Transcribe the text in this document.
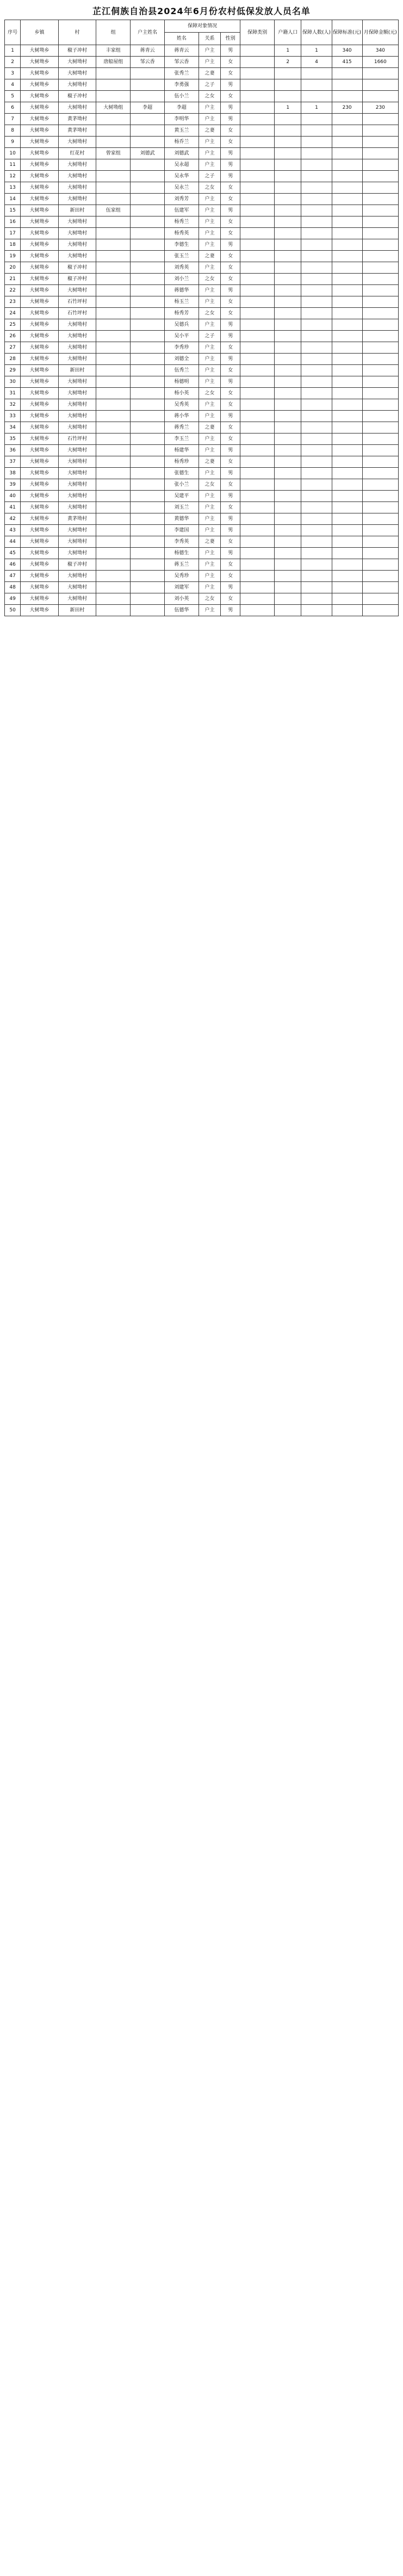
芷江侗族自治县2024年6月份农村低保发放人员名单
序号	乡镇	村	组	户主姓名	保障对象情况			保障类别	户籍人口	保障人数(人)	保障标准(元)	月保障金额(元)
					姓名	关系	性别					
1	大树坳乡	椒子冲村	丰家组	蒋青云	蒋青云	户主	男		1	1	340	340
2	大树坳乡	大树坳村	唐船屋组	邹云香	邹云香	户主	女		2	4	415	1660
3	大树坳乡	大树坳村			张秀兰	之妻	女					
4	大树坳乡	大树坳村			李勇强	之子	男					
5	大树坳乡	椒子冲村			伍小兰	之女	女					
6	大树坳乡	大树坳村	大树坳组	李超	李超	户主	男		1	1	230	230
7	大树坳乡	黄茅坳村			李明华	户主	男					
8	大树坳乡	黄茅坳村			黄玉兰	之妻	女					
9	大树坳乡	大树坳村			杨乔兰	户主	女					
10	大树坳乡	红花村	曾家组	刘德武	刘德武	户主	男					
11	大树坳乡	大树坳村			吴永超	户主	男					
12	大树坳乡	大树坳村			吴永华	之子	男					
13	大树坳乡	大树坳村			吴永兰	之女	女					
14	大树坳乡	大树坳村			刘秀芳	户主	女					
15	大树坳乡	新田村	伍家组		伍建军	户主	男					
16	大树坳乡	大树坳村			杨秀兰	户主	女					
17	大树坳乡	大树坳村			杨秀英	户主	女					
18	大树坳乡	大树坳村			李德生	户主	男					
19	大树坳乡	大树坳村			张玉兰	之妻	女					
20	大树坳乡	椒子冲村			刘秀英	户主	女					
21	大树坳乡	椒子冲村			刘小兰	之女	女					
22	大树坳乡	大树坳村			蒋德华	户主	男					
23	大树坳乡	石竹坪村			杨玉兰	户主	女					
24	大树坳乡	石竹坪村			杨秀芳	之女	女					
25	大树坳乡	大树坳村			吴德兵	户主	男					
26	大树坳乡	大树坳村			吴小平	之子	男					
27	大树坳乡	大树坳村			李秀珍	户主	女					
28	大树坳乡	大树坳村			刘德全	户主	男					
29	大树坳乡	新田村			伍秀兰	户主	女					
30	大树坳乡	大树坳村			杨德明	户主	男					
31	大树坳乡	大树坳村			杨小英	之女	女					
32	大树坳乡	大树坳村			吴秀英	户主	女					
33	大树坳乡	大树坳村			蒋小华	户主	男					
34	大树坳乡	大树坳村			蒋秀兰	之妻	女					
35	大树坳乡	石竹坪村			李玉兰	户主	女					
36	大树坳乡	大树坳村			杨建华	户主	男					
37	大树坳乡	大树坳村			杨秀珍	之妻	女					
38	大树坳乡	大树坳村			张德生	户主	男					
39	大树坳乡	大树坳村			张小兰	之女	女					
40	大树坳乡	大树坳村			吴建平	户主	男					
41	大树坳乡	大树坳村			刘玉兰	户主	女					
42	大树坳乡	黄茅坳村			黄德华	户主	男					
43	大树坳乡	大树坳村			李建国	户主	男					
44	大树坳乡	大树坳村			李秀英	之妻	女					
45	大树坳乡	大树坳村			杨德生	户主	男					
46	大树坳乡	椒子冲村			蒋玉兰	户主	女					
47	大树坳乡	大树坳村			吴秀珍	户主	女					
48	大树坳乡	大树坳村			刘建军	户主	男					
49	大树坳乡	大树坳村			刘小英	之女	女					
50	大树坳乡	新田村			伍德华	户主	男					
